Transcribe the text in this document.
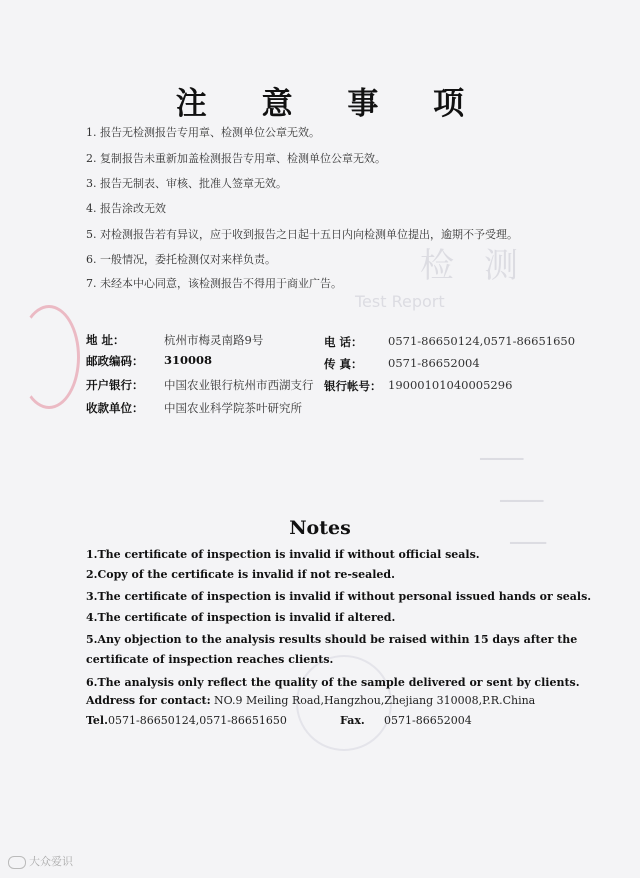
检测
Test Report
━━━━━━
━━━━━━
━━━━━
注 意 事 项
1. 报告无检测报告专用章、检测单位公章无效。
2. 复制报告未重新加盖检测报告专用章、检测单位公章无效。
3. 报告无制表、审核、批准人签章无效。
4. 报告涂改无效
5. 对检测报告若有异议，应于收到报告之日起十五日内向检测单位提出，逾期不予受理。
6. 一般情况，委托检测仅对来样负责。
7. 未经本中心同意，该检测报告不得用于商业广告。
地 址：	杭州市梅灵南路9号	电 话： 0571-86650124,0571-86651650
邮政编码： 310008	传 真： 0571-86652004
开户银行： 中国农业银行杭州市西湖支行 银行帐号： 19000101040005296
收款单位： 中国农业科学院茶叶研究所
Notes
1.The certificate of inspection is invalid if without official seals.
2.Copy of the certificate is invalid if not re-sealed.
3.The certificate of inspection is invalid if without personal issued hands or seals.
4.The certificate of inspection is invalid if altered.
5.Any objection to the analysis results should be raised within 15 days after the
certificate of inspection reaches clients.
6.The analysis only reflect the quality of the sample delivered or sent by clients.
Address for contact: NO.9 Meiling Road,Hangzhou,Zhejiang 310008,P.R.China
Tel. 0571-86650124,0571-86651650	Fax. 0571-86652004
大众爱识
